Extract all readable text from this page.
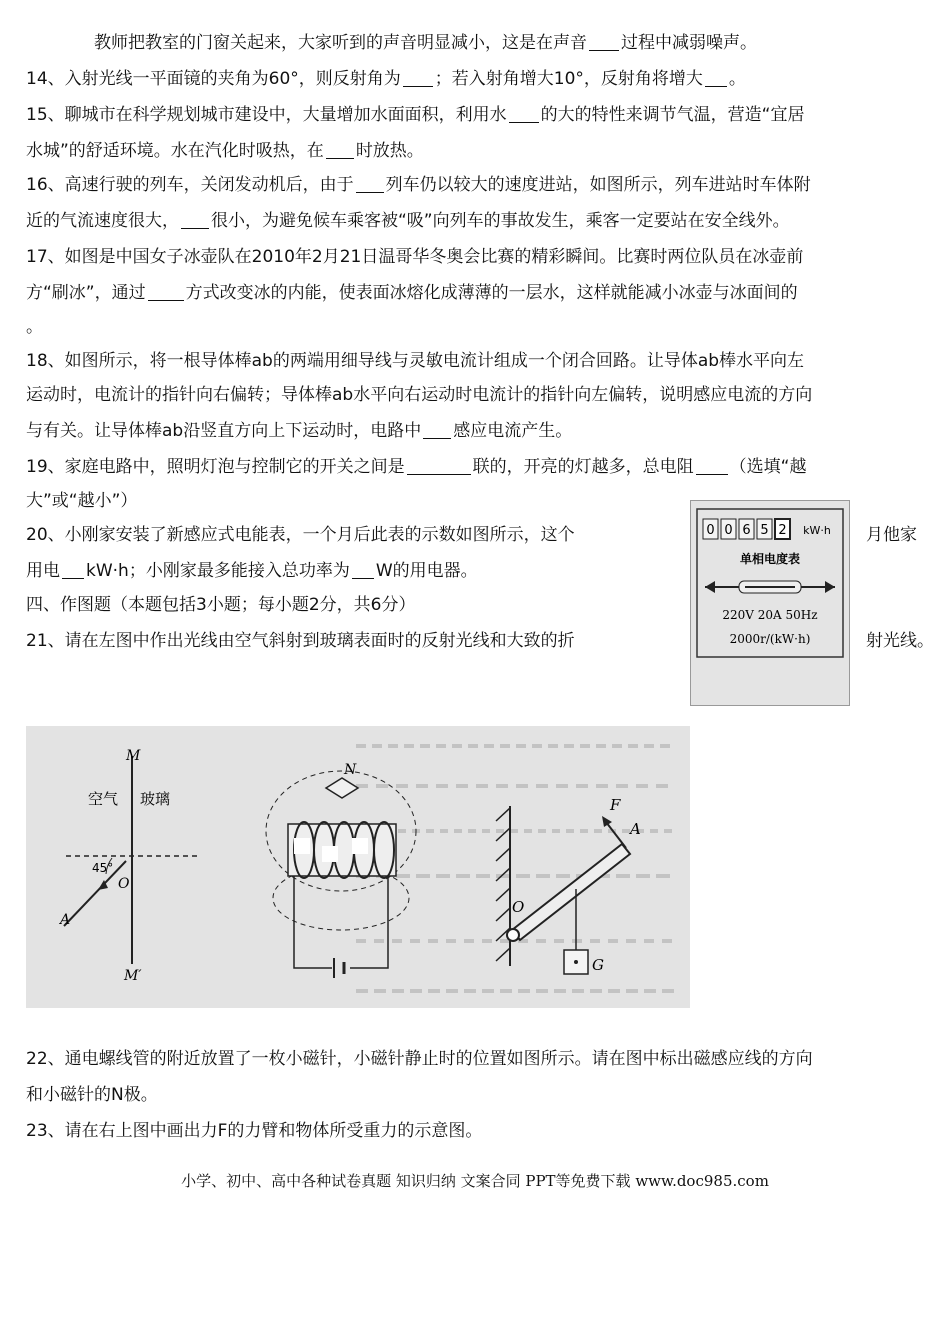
教师把教室的门窗关起来，大家听到的声音明显减小，这是在声音 过程中减弱噪声。
14、入射光线一平面镜的夹角为60°，则反射角为 ；若入射角增大10°，反射角将增大 。
15、聊城市在科学规划城市建设中，大量增加水面面积，利用水 的大的特性来调节气温，营造“宜居
水城”的舒适环境。水在汽化时吸热，在 时放热。
16、高速行驶的列车，关闭发动机后，由于 列车仍以较大的速度进站，如图所示，列车进站时车体附
近的气流速度很大， 很小，为避免候车乘客被“吸”向列车的事故发生，乘客一定要站在安全线外。
17、如图是中国女子冰壶队在2010年2月21日温哥华冬奥会比赛的精彩瞬间。比赛时两位队员在冰壶前
方“刷冰”，通过 方式改变冰的内能，使表面冰熔化成薄薄的一层水，这样就能减小冰壶与冰面间的
。
18、如图所示，将一根导体棒ab的两端用细导线与灵敏电流计组成一个闭合回路。让导体ab棒水平向左
运动时，电流计的指针向右偏转；导体棒ab水平向右运动时电流计的指针向左偏转，说明感应电流的方向
与有关。让导体棒ab沿竖直方向上下运动时，电路中 感应电流产生。
19、家庭电路中，照明灯泡与控制它的开关之间是	联的，开亮的灯越多，总电阻 （选填“越
大”或“越小”）
20、小刚家安装了新感应式电能表，一个月后此表的示数如图所示，这个	月他家
用电 kW·h；小刚家最多能接入总功率为 W的用电器。
四、作图题（本题包括3小题；每小题2分，共6分）
21、请在左图中作出光线由空气斜射到玻璃表面时的反射光线和大致的折	射光线。
0 0 6 5 2 kW·h
单相电度表
220V 20A 50Hz
2000r/(kW·h)
M
M′
空气 玻璃
45°
O
A
N
F
A
O
G
22、通电螺线管的附近放置了一枚小磁针，小磁针静止时的位置如图所示。请在图中标出磁感应线的方向
和小磁针的N极。
23、请在右上图中画出力F的力臂和物体所受重力的示意图。
小学、初中、高中各种试卷真题 知识归纳 文案合同 PPT等免费下载 www.doc985.com
